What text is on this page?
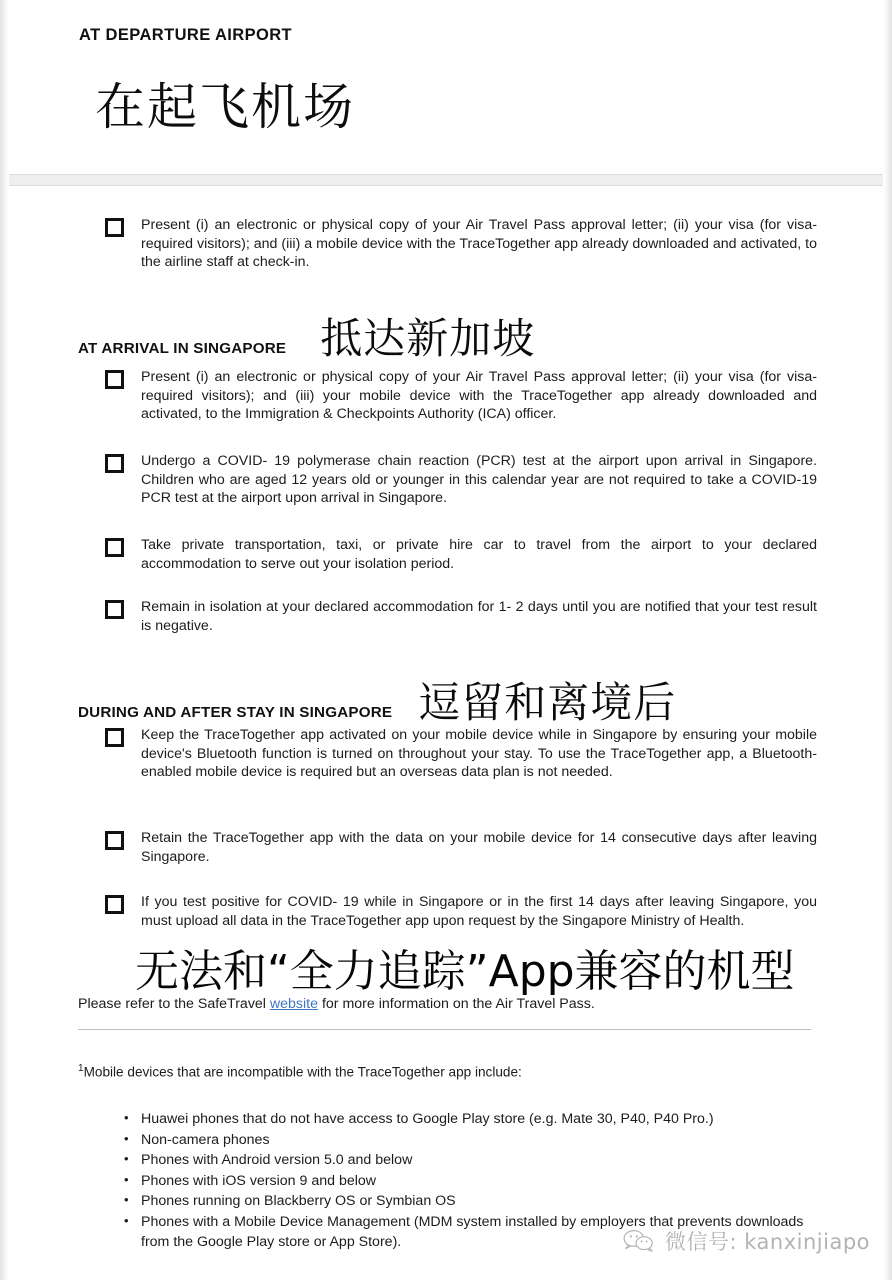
AT DEPARTURE AIRPORT
在起飞机场
Present (i) an electronic or physical copy of your Air Travel Pass approval letter; (ii) your visa (for visa- required visitors); and (iii) a mobile device with the TraceTogether app already downloaded and activated, to the airline staff at check-in.
AT ARRIVAL IN SINGAPORE 抵达新加坡
Present (i) an electronic or physical copy of your Air Travel Pass approval letter; (ii) your visa (for visa- required visitors); and (iii) your mobile device with the TraceTogether app already downloaded and activated, to the Immigration & Checkpoints Authority (ICA) officer.
Undergo a COVID- 19 polymerase chain reaction (PCR) test at the airport upon arrival in Singapore. Children who are aged 12 years old or younger in this calendar year are not required to take a COVID-19 PCR test at the airport upon arrival in Singapore.
Take private transportation, taxi, or private hire car to travel from the airport to your declared accommodation to serve out your isolation period.
Remain in isolation at your declared accommodation for 1- 2 days until you are notified that your test result is negative.
DURING AND AFTER STAY IN SINGAPORE 逗留和离境后
Keep the TraceTogether app activated on your mobile device while in Singapore by ensuring your mobile device's Bluetooth function is turned on throughout your stay. To use the TraceTogether app, a Bluetooth- enabled mobile device is required but an overseas data plan is not needed.
Retain the TraceTogether app with the data on your mobile device for 14 consecutive days after leaving Singapore.
If you test positive for COVID- 19 while in Singapore or in the first 14 days after leaving Singapore, you must upload all data in the TraceTogether app upon request by the Singapore Ministry of Health.
无法和“全力追踪”App兼容的机型
Please refer to the SafeTravel website for more information on the Air Travel Pass.
$^1$Mobile devices that are incompatible with the TraceTogether app include:
• Huawei phones that do not have access to Google Play store (e.g. Mate 30, P40, P40 Pro.)
• Non-camera phones
• Phones with Android version 5.0 and below
• Phones with iOS version 9 and below
• Phones running on Blackberry OS or Symbian OS
• Phones with a Mobile Device Management (MDM system installed by employers that prevents downloads from the Google Play store or App Store).	微信号: kanxinjiapo
